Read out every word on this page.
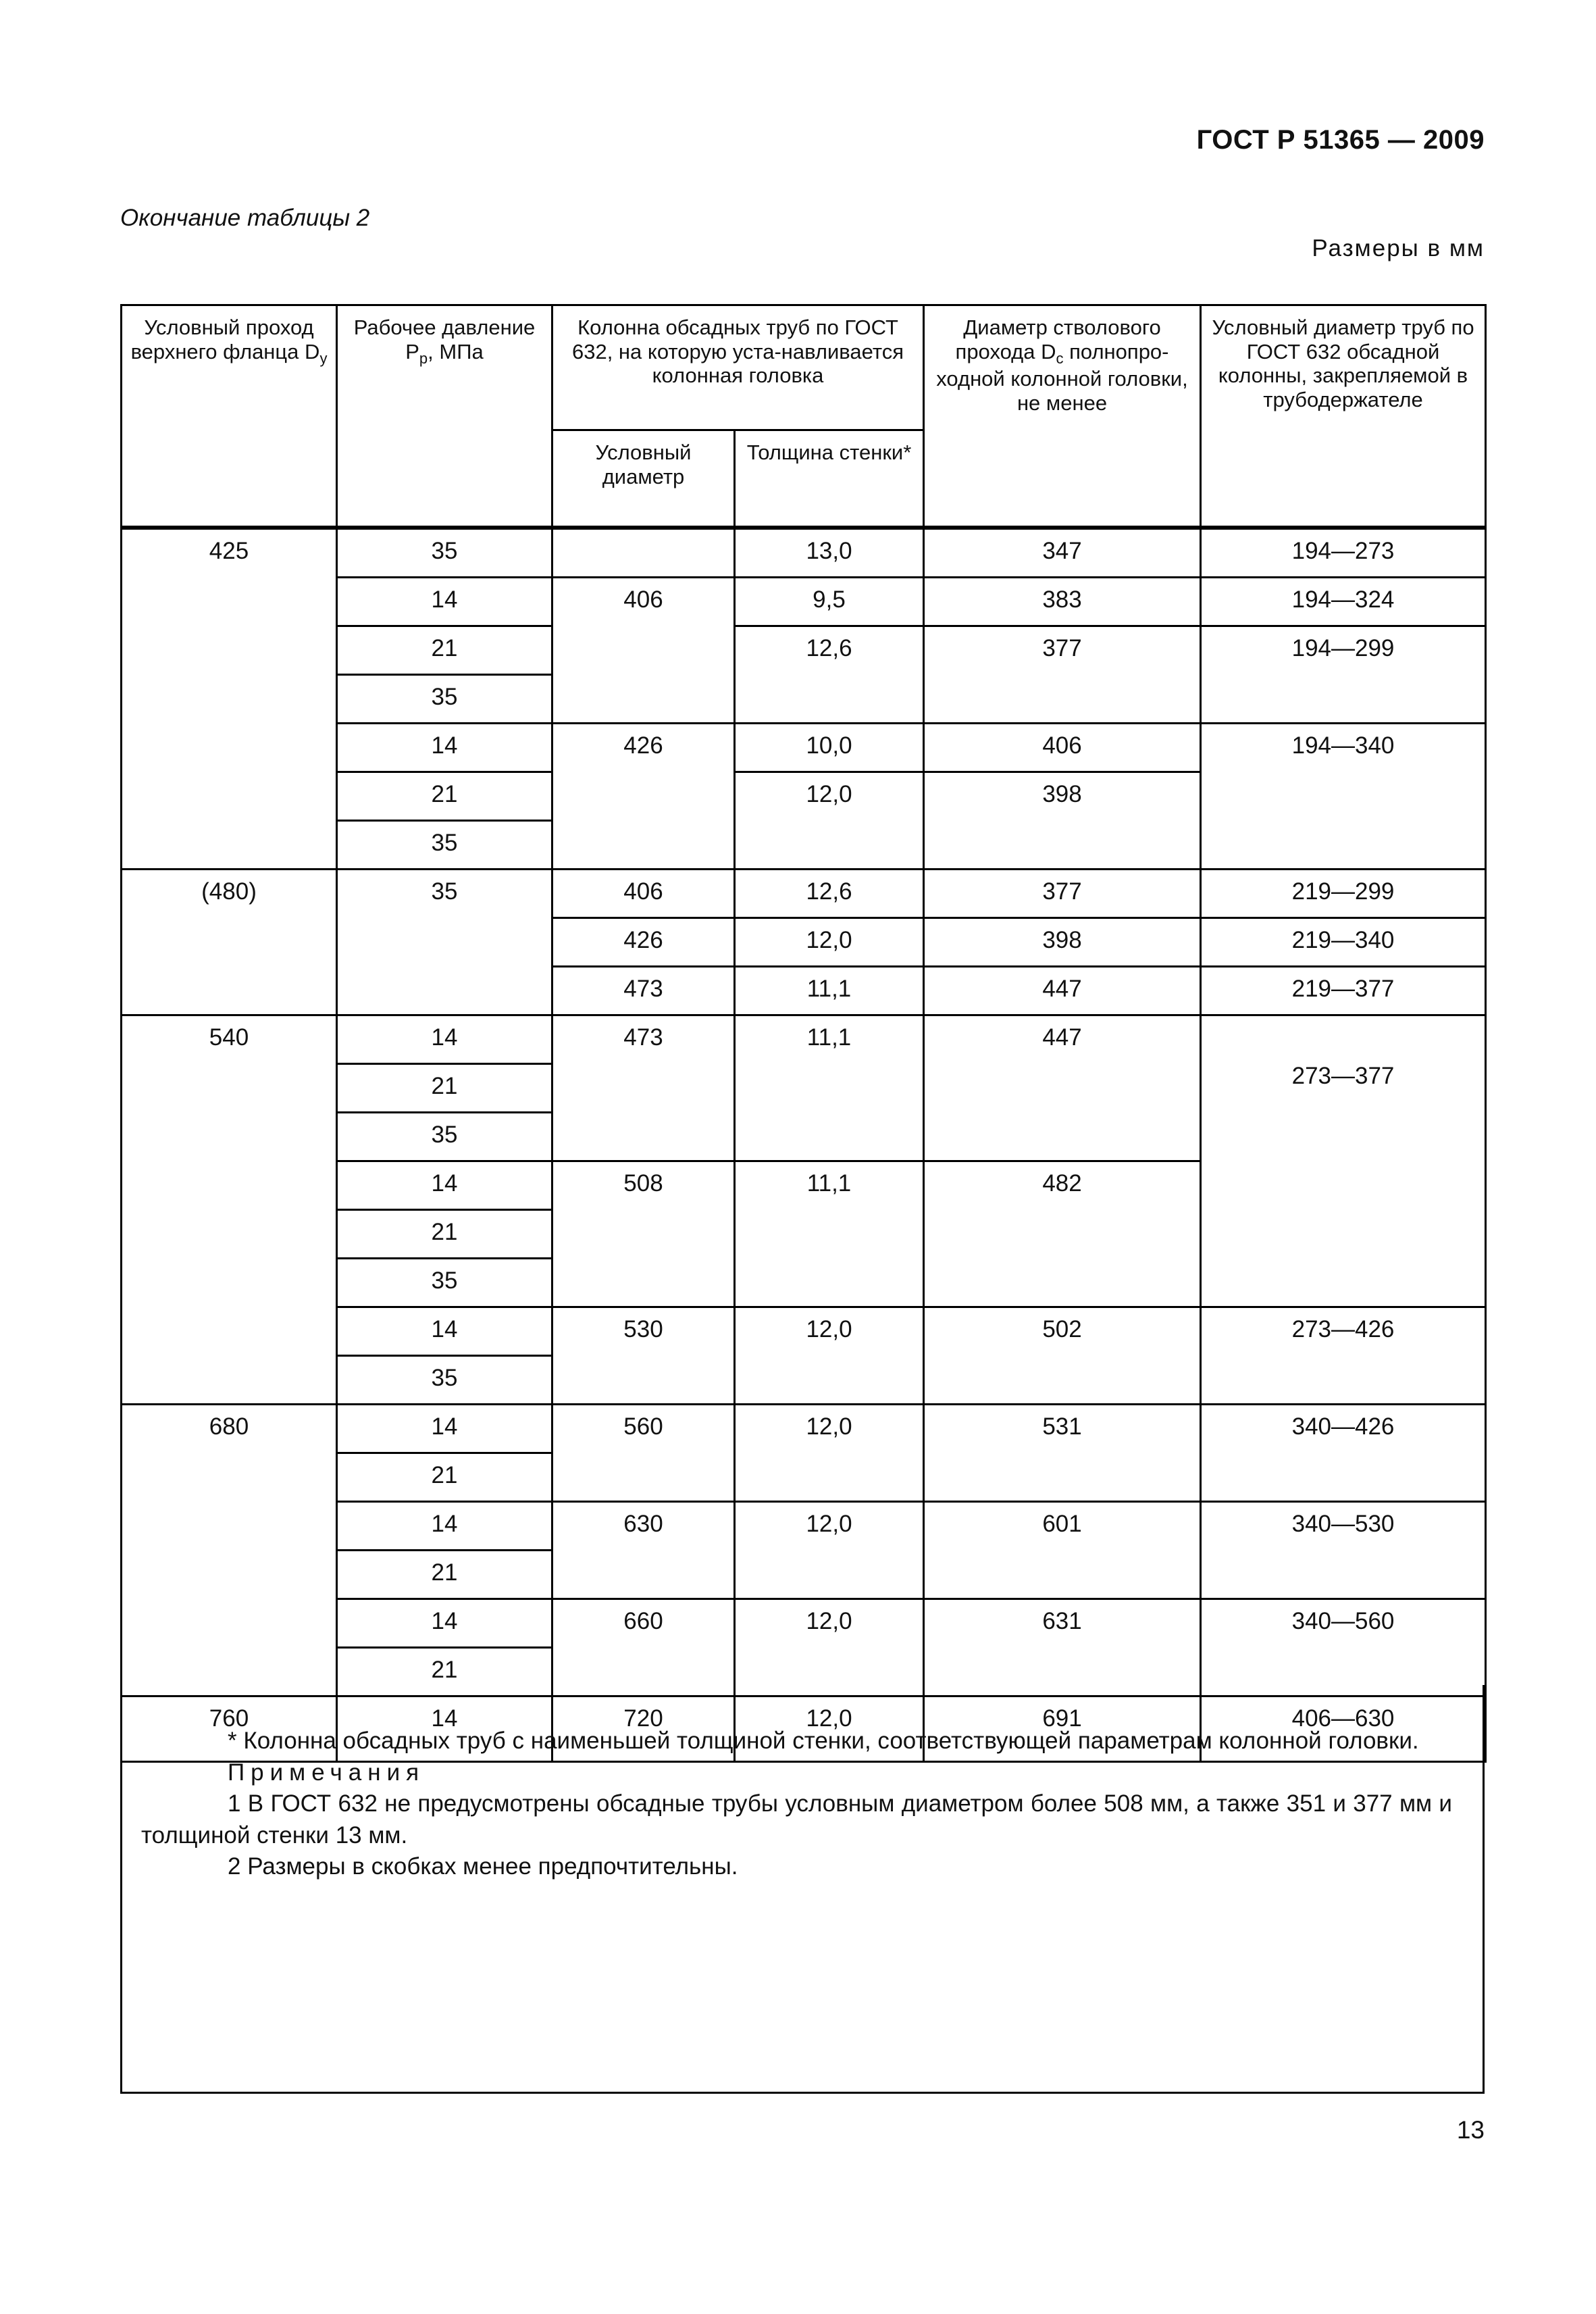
ГОСТ Р 51365 — 2009
Окончание таблицы 2
Размеры в мм
Условный проход верхнего фланца $D_у$	Рабочее давление $P_р$, МПа	Колонна обсадных труб по ГОСТ 632, на которую уста-навливается колонная головка		Диаметр стволового прохода $D_с$ полнопро-ходной колонной головки, не менее	Условный диаметр труб по ГОСТ 632 обсадной колонны, закрепляемой в трубодержателе
		Условный диаметр	Толщина стенки*		

425	35		13,0	347	194—273
	14	406	9,5	383	194—324
	21		12,6	377	194—299
	35				
	14	426	10,0	406	194—340
	21		12,0	398	
	35				
(480)	35	406	12,6	377	219—299
		426	12,0	398	219—340
		473	11,1	447	219—377
540	14	473	11,1	447	273—377

	21				
	35				
	14	508	11,1	482	
	21				
	35				
	14	530	12,0	502	273—426
	35				
680	14	560	12,0	531	340—426
	21				
	14	630	12,0	601	340—530
	21				
	14	660	12,0	631	340—560
	21				
760	14	720	12,0	691	406—630

* Колонна обсадных труб с наименьшей толщиной стенки, соответствующей параметрам колонной головки.

Примечания

1 В ГОСТ 632 не предусмотрены обсадные трубы условным диаметром более 508 мм, а также 351 и 377 мм и толщиной стенки 13 мм.

2 Размеры в скобках менее предпочтительны.

13
